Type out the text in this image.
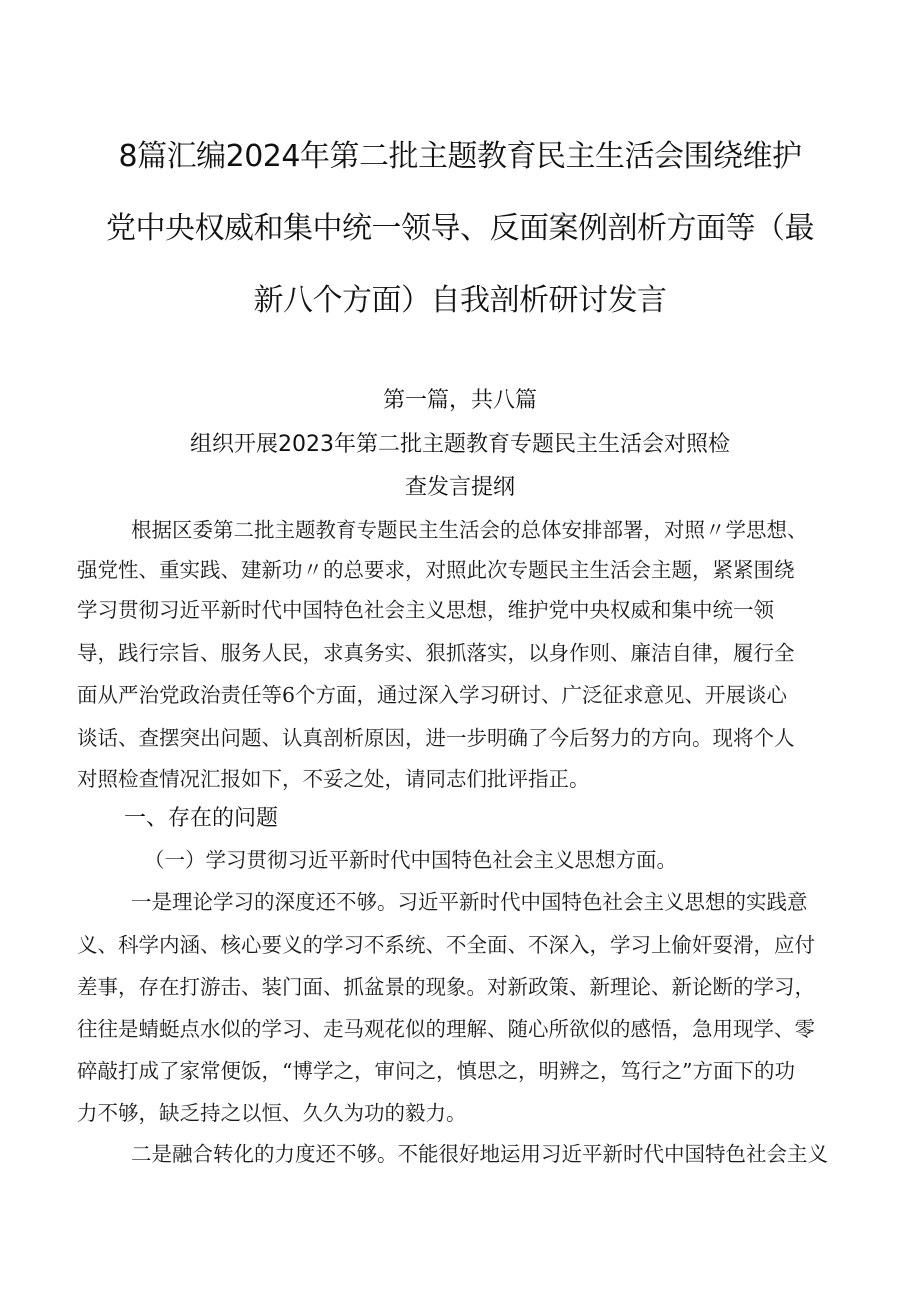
8篇汇编2024年第二批主题教育民主生活会围绕维护
党中央权威和集中统一领导、反面案例剖析方面等（最
新八个方面）自我剖析研讨发言
第一篇，共八篇
组织开展2023年第二批主题教育专题民主生活会对照检
查发言提纲
根据区委第二批主题教育专题民主生活会的总体安排部署，对照〃学思想、
强党性、重实践、建新功〃的总要求，对照此次专题民主生活会主题，紧紧围绕
学习贯彻习近平新时代中国特色社会主义思想，维护党中央权威和集中统一领
导，践行宗旨、服务人民，求真务实、狠抓落实，以身作则、廉洁自律，履行全
面从严治党政治责任等6个方面，通过深入学习研讨、广泛征求意见、开展谈心
谈话、查摆突出问题、认真剖析原因，进一步明确了今后努力的方向。现将个人
对照检查情况汇报如下，不妥之处，请同志们批评指正。
一、存在的问题
（一）学习贯彻习近平新时代中国特色社会主义思想方面。
一是理论学习的深度还不够。习近平新时代中国特色社会主义思想的实践意
义、科学内涵、核心要义的学习不系统、不全面、不深入，学习上偷奸耍滑，应付
差事，存在打游击、装门面、抓盆景的现象。对新政策、新理论、新论断的学习，
往往是蜻蜓点水似的学习、走马观花似的理解、随心所欲似的感悟，急用现学、零
碎敲打成了家常便饭，“博学之，审问之，慎思之，明辨之，笃行之”方面下的功
力不够，缺乏持之以恒、久久为功的毅力。
二是融合转化的力度还不够。不能很好地运用习近平新时代中国特色社会主义
